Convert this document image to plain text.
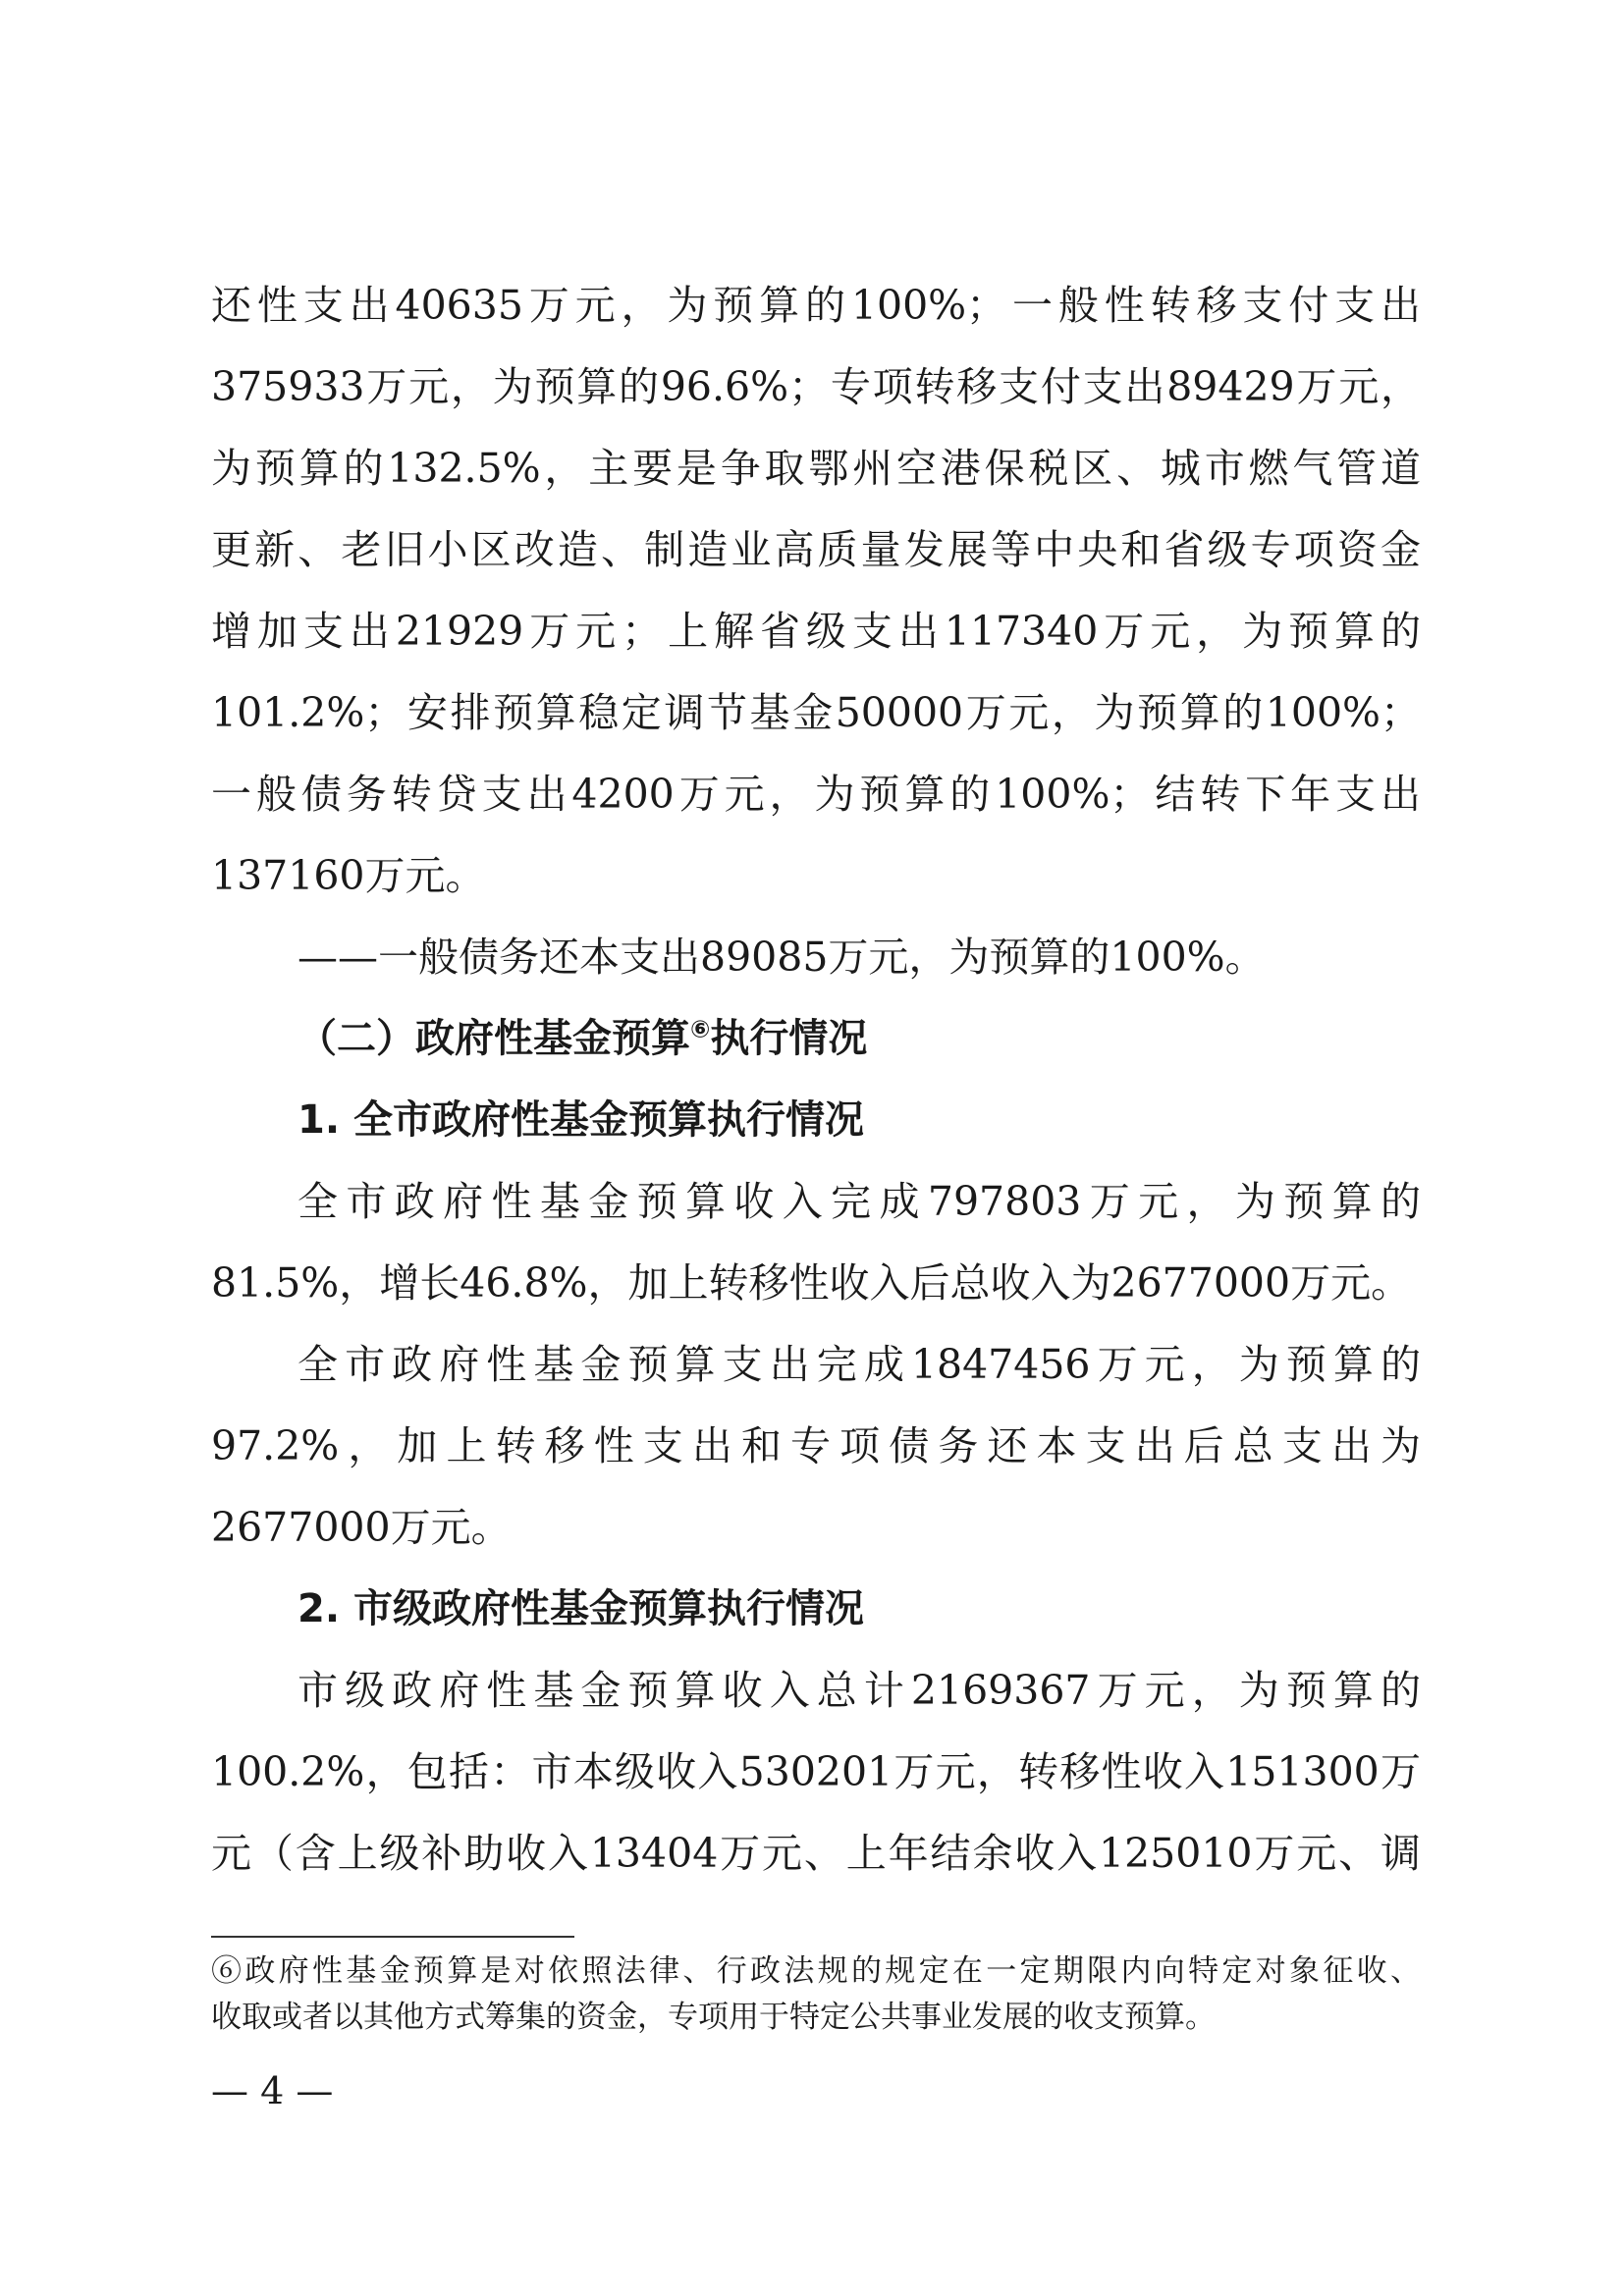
还性支出40635万元，为预算的100%；一般性转移支付支出
375933万元，为预算的96.6%；专项转移支付支出89429万元，
为预算的132.5%，主要是争取鄂州空港保税区、城市燃气管道
更新、老旧小区改造、制造业高质量发展等中央和省级专项资金
增加支出21929万元；上解省级支出117340万元，为预算的
101.2%；安排预算稳定调节基金50000万元，为预算的100%；
一般债务转贷支出4200万元，为预算的100%；结转下年支出
137160万元。
——一般债务还本支出89085万元，为预算的100%。
（二）政府性基金预算⑥执行情况
1. 全市政府性基金预算执行情况
全市政府性基金预算收入完成797803万元，为预算的
81.5%，增长46.8%，加上转移性收入后总收入为2677000万元。
全市政府性基金预算支出完成1847456万元，为预算的
97.2%，加上转移性支出和专项债务还本支出后总支出为
2677000万元。
2. 市级政府性基金预算执行情况
市级政府性基金预算收入总计2169367万元，为预算的
100.2%，包括：市本级收入530201万元，转移性收入151300万
元（含上级补助收入13404万元、上年结余收入125010万元、调
⑥政府性基金预算是对依照法律、行政法规的规定在一定期限内向特定对象征收、
收取或者以其他方式筹集的资金，专项用于特定公共事业发展的收支预算。
— 4 —
